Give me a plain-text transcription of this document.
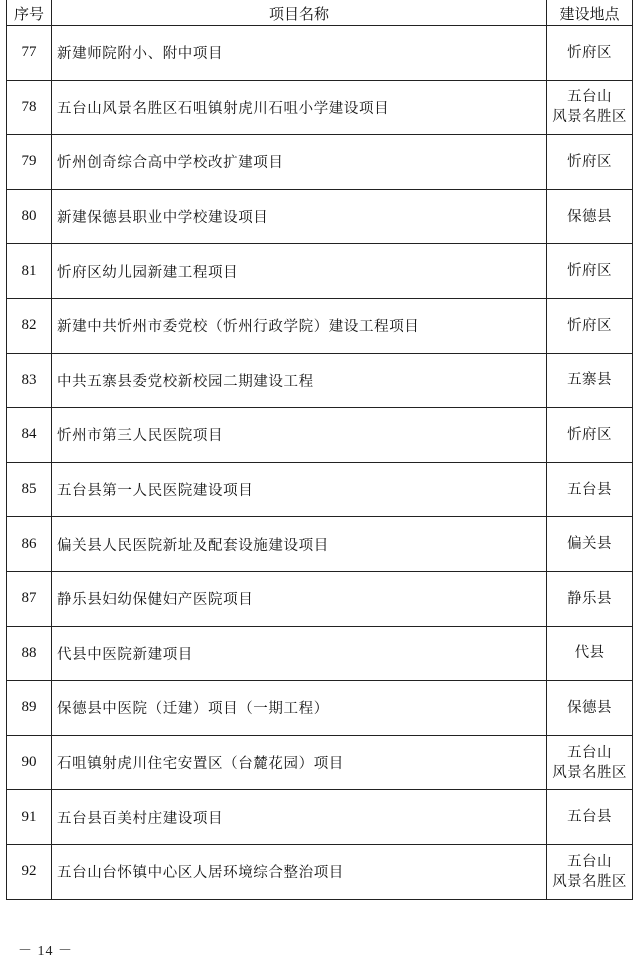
序号	项目名称	建设地点
77	新建师院附小、附中项目	忻府区
78	五台山风景名胜区石咀镇射虎川石咀小学建设项目	五台山
风景名胜区
79	忻州创奇综合高中学校改扩建项目	忻府区
80	新建保德县职业中学校建设项目	保德县
81	忻府区幼儿园新建工程项目	忻府区
82	新建中共忻州市委党校（忻州行政学院）建设工程项目	忻府区
83	中共五寨县委党校新校园二期建设工程	五寨县
84	忻州市第三人民医院项目	忻府区
85	五台县第一人民医院建设项目	五台县
86	偏关县人民医院新址及配套设施建设项目	偏关县
87	静乐县妇幼保健妇产医院项目	静乐县
88	代县中医院新建项目	代县
89	保德县中医院（迁建）项目（一期工程）	保德县
90	石咀镇射虎川住宅安置区（台麓花园）项目	五台山
风景名胜区
91	五台县百美村庄建设项目	五台县
92	五台山台怀镇中心区人居环境综合整治项目	五台山
风景名胜区
－ 14 －
